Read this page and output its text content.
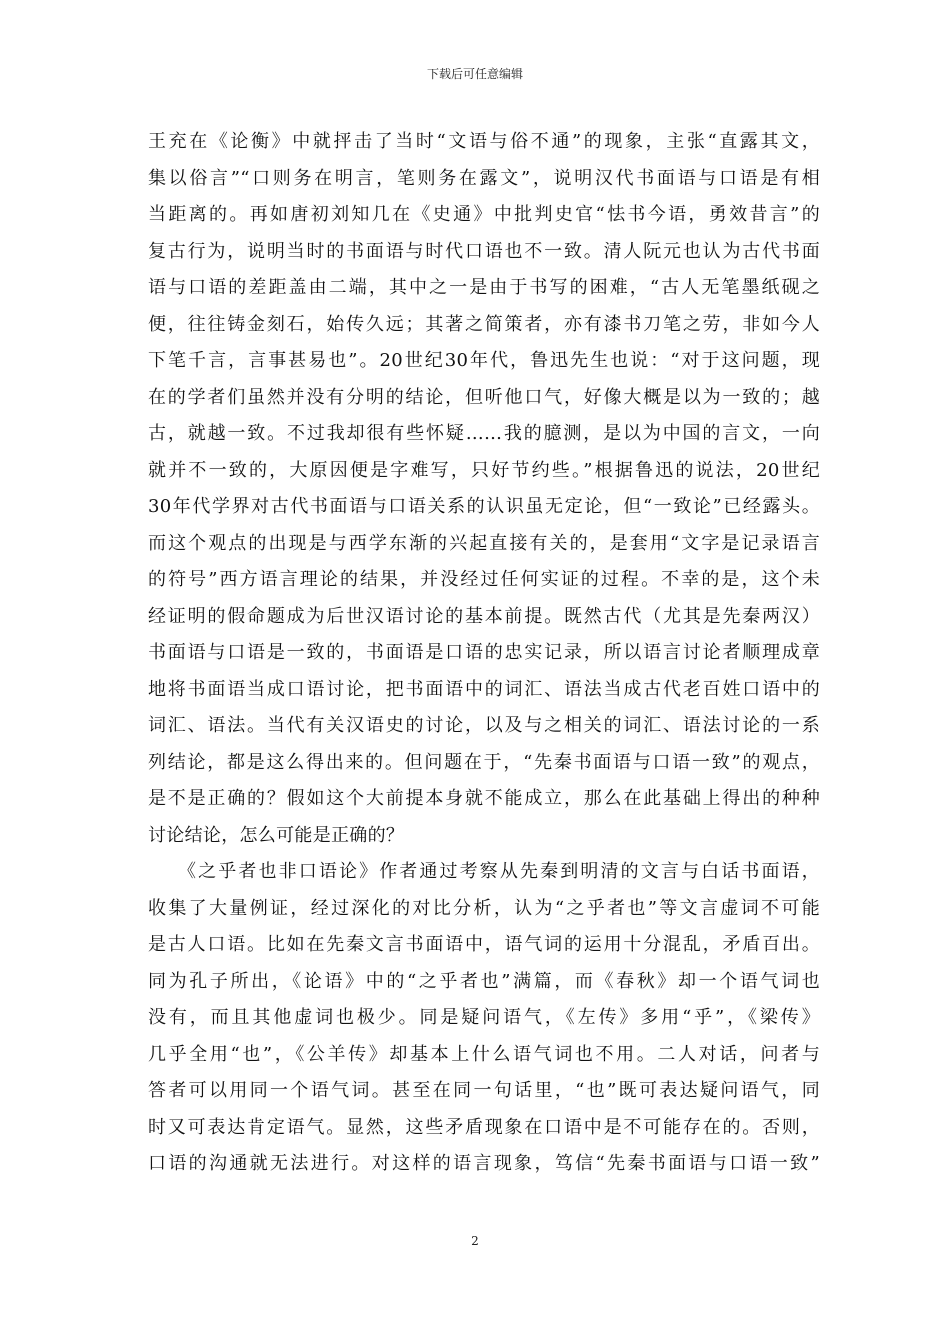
下载后可任意编辑
王充在《论衡》中就抨击了当时“文语与俗不通”的现象，主张“直露其文，
集以俗言”“口则务在明言，笔则务在露文”，说明汉代书面语与口语是有相
当距离的。再如唐初刘知几在《史通》中批判史官“怯书今语，勇效昔言”的
复古行为，说明当时的书面语与时代口语也不一致。清人阮元也认为古代书面
语与口语的差距盖由二端，其中之一是由于书写的困难，“古人无笔墨纸砚之
便，往往铸金刻石，始传久远；其著之简策者，亦有漆书刀笔之劳，非如今人
下笔千言，言事甚易也”。20世纪30年代，鲁迅先生也说：“对于这问题，现
在的学者们虽然并没有分明的结论，但听他口气，好像大概是以为一致的；越
古，就越一致。不过我却很有些怀疑……我的臆测，是以为中国的言文，一向
就并不一致的，大原因便是字难写，只好节约些。”根据鲁迅的说法，20世纪
30年代学界对古代书面语与口语关系的认识虽无定论，但“一致论”已经露头。
而这个观点的出现是与西学东渐的兴起直接有关的，是套用“文字是记录语言
的符号”西方语言理论的结果，并没经过任何实证的过程。不幸的是，这个未
经证明的假命题成为后世汉语讨论的基本前提。既然古代（尤其是先秦两汉）
书面语与口语是一致的，书面语是口语的忠实记录，所以语言讨论者顺理成章
地将书面语当成口语讨论，把书面语中的词汇、语法当成古代老百姓口语中的
词汇、语法。当代有关汉语史的讨论，以及与之相关的词汇、语法讨论的一系
列结论，都是这么得出来的。但问题在于，“先秦书面语与口语一致”的观点，
是不是正确的？假如这个大前提本身就不能成立，那么在此基础上得出的种种
讨论结论，怎么可能是正确的？
《之乎者也非口语论》作者通过考察从先秦到明清的文言与白话书面语，
收集了大量例证，经过深化的对比分析，认为“之乎者也”等文言虚词不可能
是古人口语。比如在先秦文言书面语中，语气词的运用十分混乱，矛盾百出。
同为孔子所出，《论语》中的“之乎者也”满篇，而《春秋》却一个语气词也
没有，而且其他虚词也极少。同是疑问语气，《左传》多用“乎”，《梁传》
几乎全用“也”，《公羊传》却基本上什么语气词也不用。二人对话，问者与
答者可以用同一个语气词。甚至在同一句话里，“也”既可表达疑问语气，同
时又可表达肯定语气。显然，这些矛盾现象在口语中是不可能存在的。否则，
口语的沟通就无法进行。对这样的语言现象，笃信“先秦书面语与口语一致”
2
